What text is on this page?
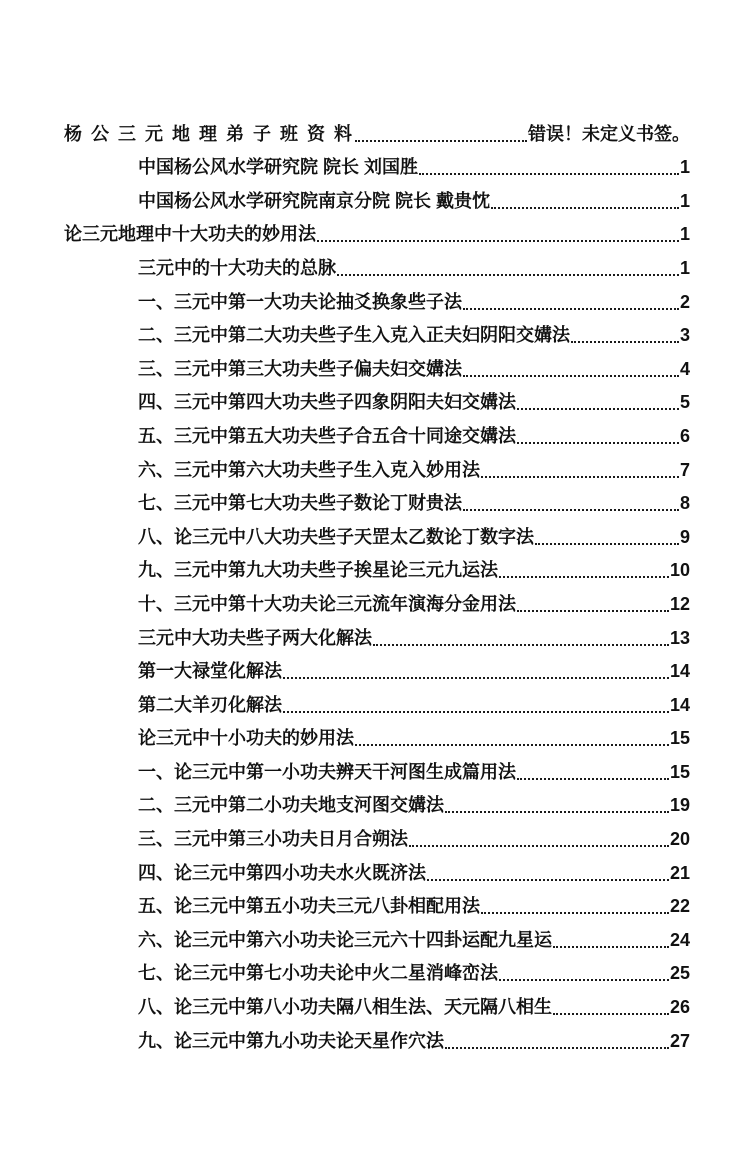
杨 公 三 元 地 理 弟 子 班 资 料	错误！未定义书签。
中国杨公风水学研究院 院长 刘国胜	1
中国杨公风水学研究院南京分院 院长 戴贵忱	1
论三元地理中十大功夫的妙用法	1
三元中的十大功夫的总脉	1
一、三元中第一大功夫论抽爻换象些子法	2
二、三元中第二大功夫些子生入克入正夫妇阴阳交媾法	3
三、三元中第三大功夫些子偏夫妇交媾法	4
四、三元中第四大功夫些子四象阴阳夫妇交媾法	5
五、三元中第五大功夫些子合五合十同途交媾法	6
六、三元中第六大功夫些子生入克入妙用法	7
七、三元中第七大功夫些子数论丁财贵法	8
八、论三元中八大功夫些子天罡太乙数论丁数字法	9
九、三元中第九大功夫些子挨星论三元九运法	10
十、三元中第十大功夫论三元流年演海分金用法	12
三元中大功夫些子两大化解法	13
第一大禄堂化解法	14
第二大羊刃化解法	14
论三元中十小功夫的妙用法	15
一、论三元中第一小功夫辨天干河图生成篇用法	15
二、三元中第二小功夫地支河图交媾法	19
三、三元中第三小功夫日月合朔法	20
四、论三元中第四小功夫水火既济法	21
五、论三元中第五小功夫三元八卦相配用法	22
六、论三元中第六小功夫论三元六十四卦运配九星运	24
七、论三元中第七小功夫论中火二星消峰峦法	25
八、论三元中第八小功夫隔八相生法、天元隔八相生	26
九、论三元中第九小功夫论天星作穴法	27
